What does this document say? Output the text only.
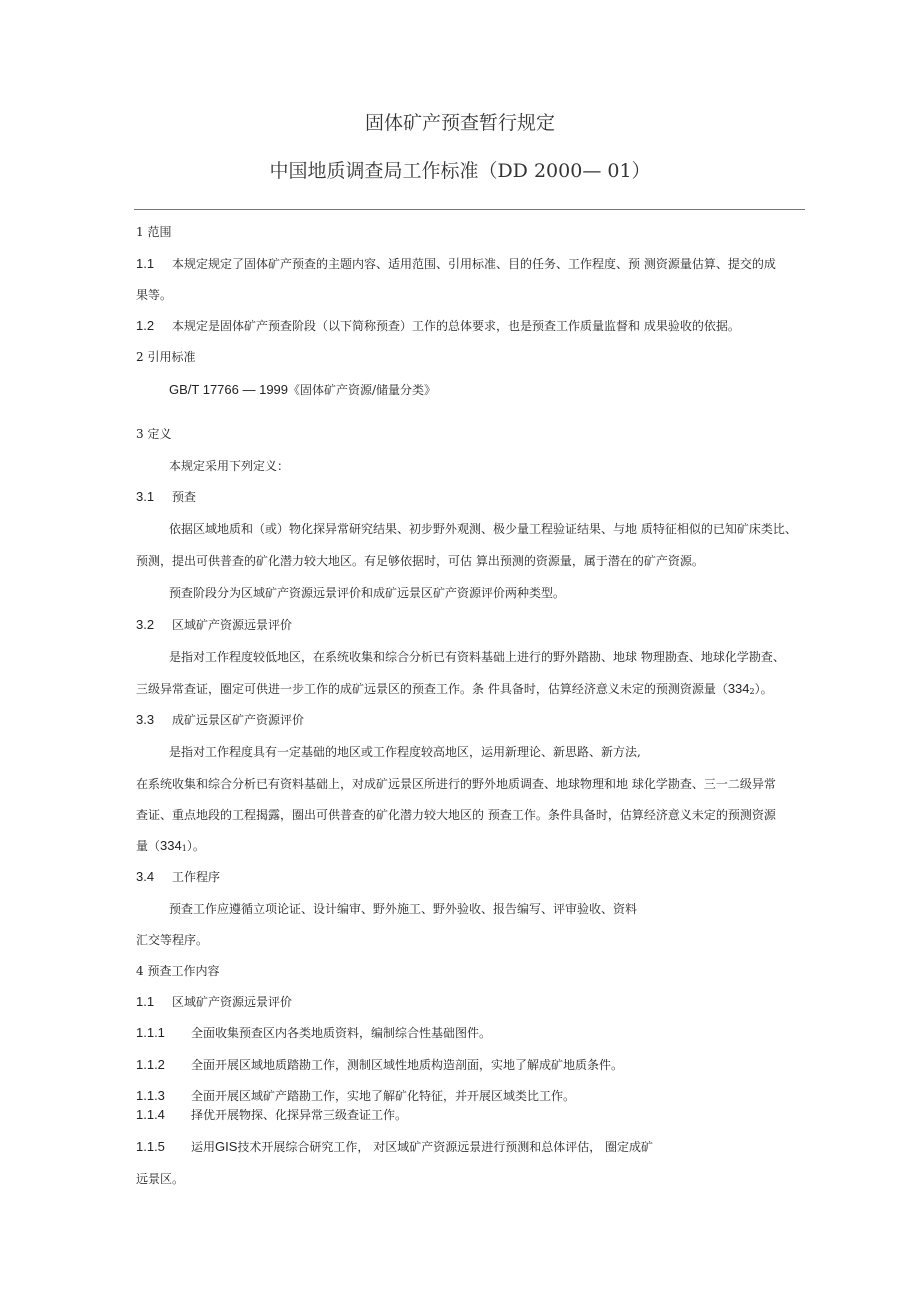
固体矿产预查暂行规定
中国地质调查局工作标准（DD 2000— 01）
1 范围
1.1 本规定规定了固体矿产预查的主题内容、适用范围、引用标准、目的任务、工作程度、预 测资源量估算、提交的成
果等。
1.2 本规定是固体矿产预查阶段（以下简称预查）工作的总体要求，也是预查工作质量监督和 成果验收的依据。
2 引用标准
GB/T 17766 — 1999《固体矿产资源/储量分类》
3 定义
本规定采用下列定义：
3.1 预查
依据区域地质和（或）物化探异常研究结果、初步野外观测、极少量工程验证结果、与地 质特征相似的已知矿床类比、
预测，提出可供普查的矿化潜力较大地区。有足够依据时，可估 算出预测的资源量，属于潜在的矿产资源。
预查阶段分为区域矿产资源远景评价和成矿远景区矿产资源评价两种类型。
3.2 区域矿产资源远景评价
是指对工作程度较低地区，在系统收集和综合分析已有资料基础上进行的野外踏勘、地球 物理勘查、地球化学勘查、
三级异常查证，圈定可供进一步工作的成矿远景区的预查工作。条 件具备时，估算经济意义未定的预测资源量（3342）。
3.3 成矿远景区矿产资源评价
是指对工作程度具有一定基础的地区或工作程度较高地区，运用新理论、新思路、新方法,
在系统收集和综合分析已有资料基础上，对成矿远景区所进行的野外地质调查、地球物理和地 球化学勘查、三一二级异常
查证、重点地段的工程揭露，圈出可供普查的矿化潜力较大地区的 预查工作。条件具备时，估算经济意义未定的预测资源
量（3341）。
3.4 工作程序
预查工作应遵循立项论证、设计编审、野外施工、野外验收、报告编写、评审验收、资料
汇交等程序。
4 预查工作内容
1.1 区域矿产资源远景评价
1.1.1 全面收集预查区内各类地质资料，编制综合性基础图件。
1.1.2 全面开展区域地质踏勘工作，测制区域性地质构造剖面，实地了解成矿地质条件。
1.1.3 全面开展区域矿产踏勘工作，实地了解矿化特征，并开展区域类比工作。
1.1.4 择优开展物探、化探异常三级查证工作。
1.1.5 运用GIS技术开展综合研究工作， 对区域矿产资源远景进行预测和总体评估， 圈定成矿
远景区。
